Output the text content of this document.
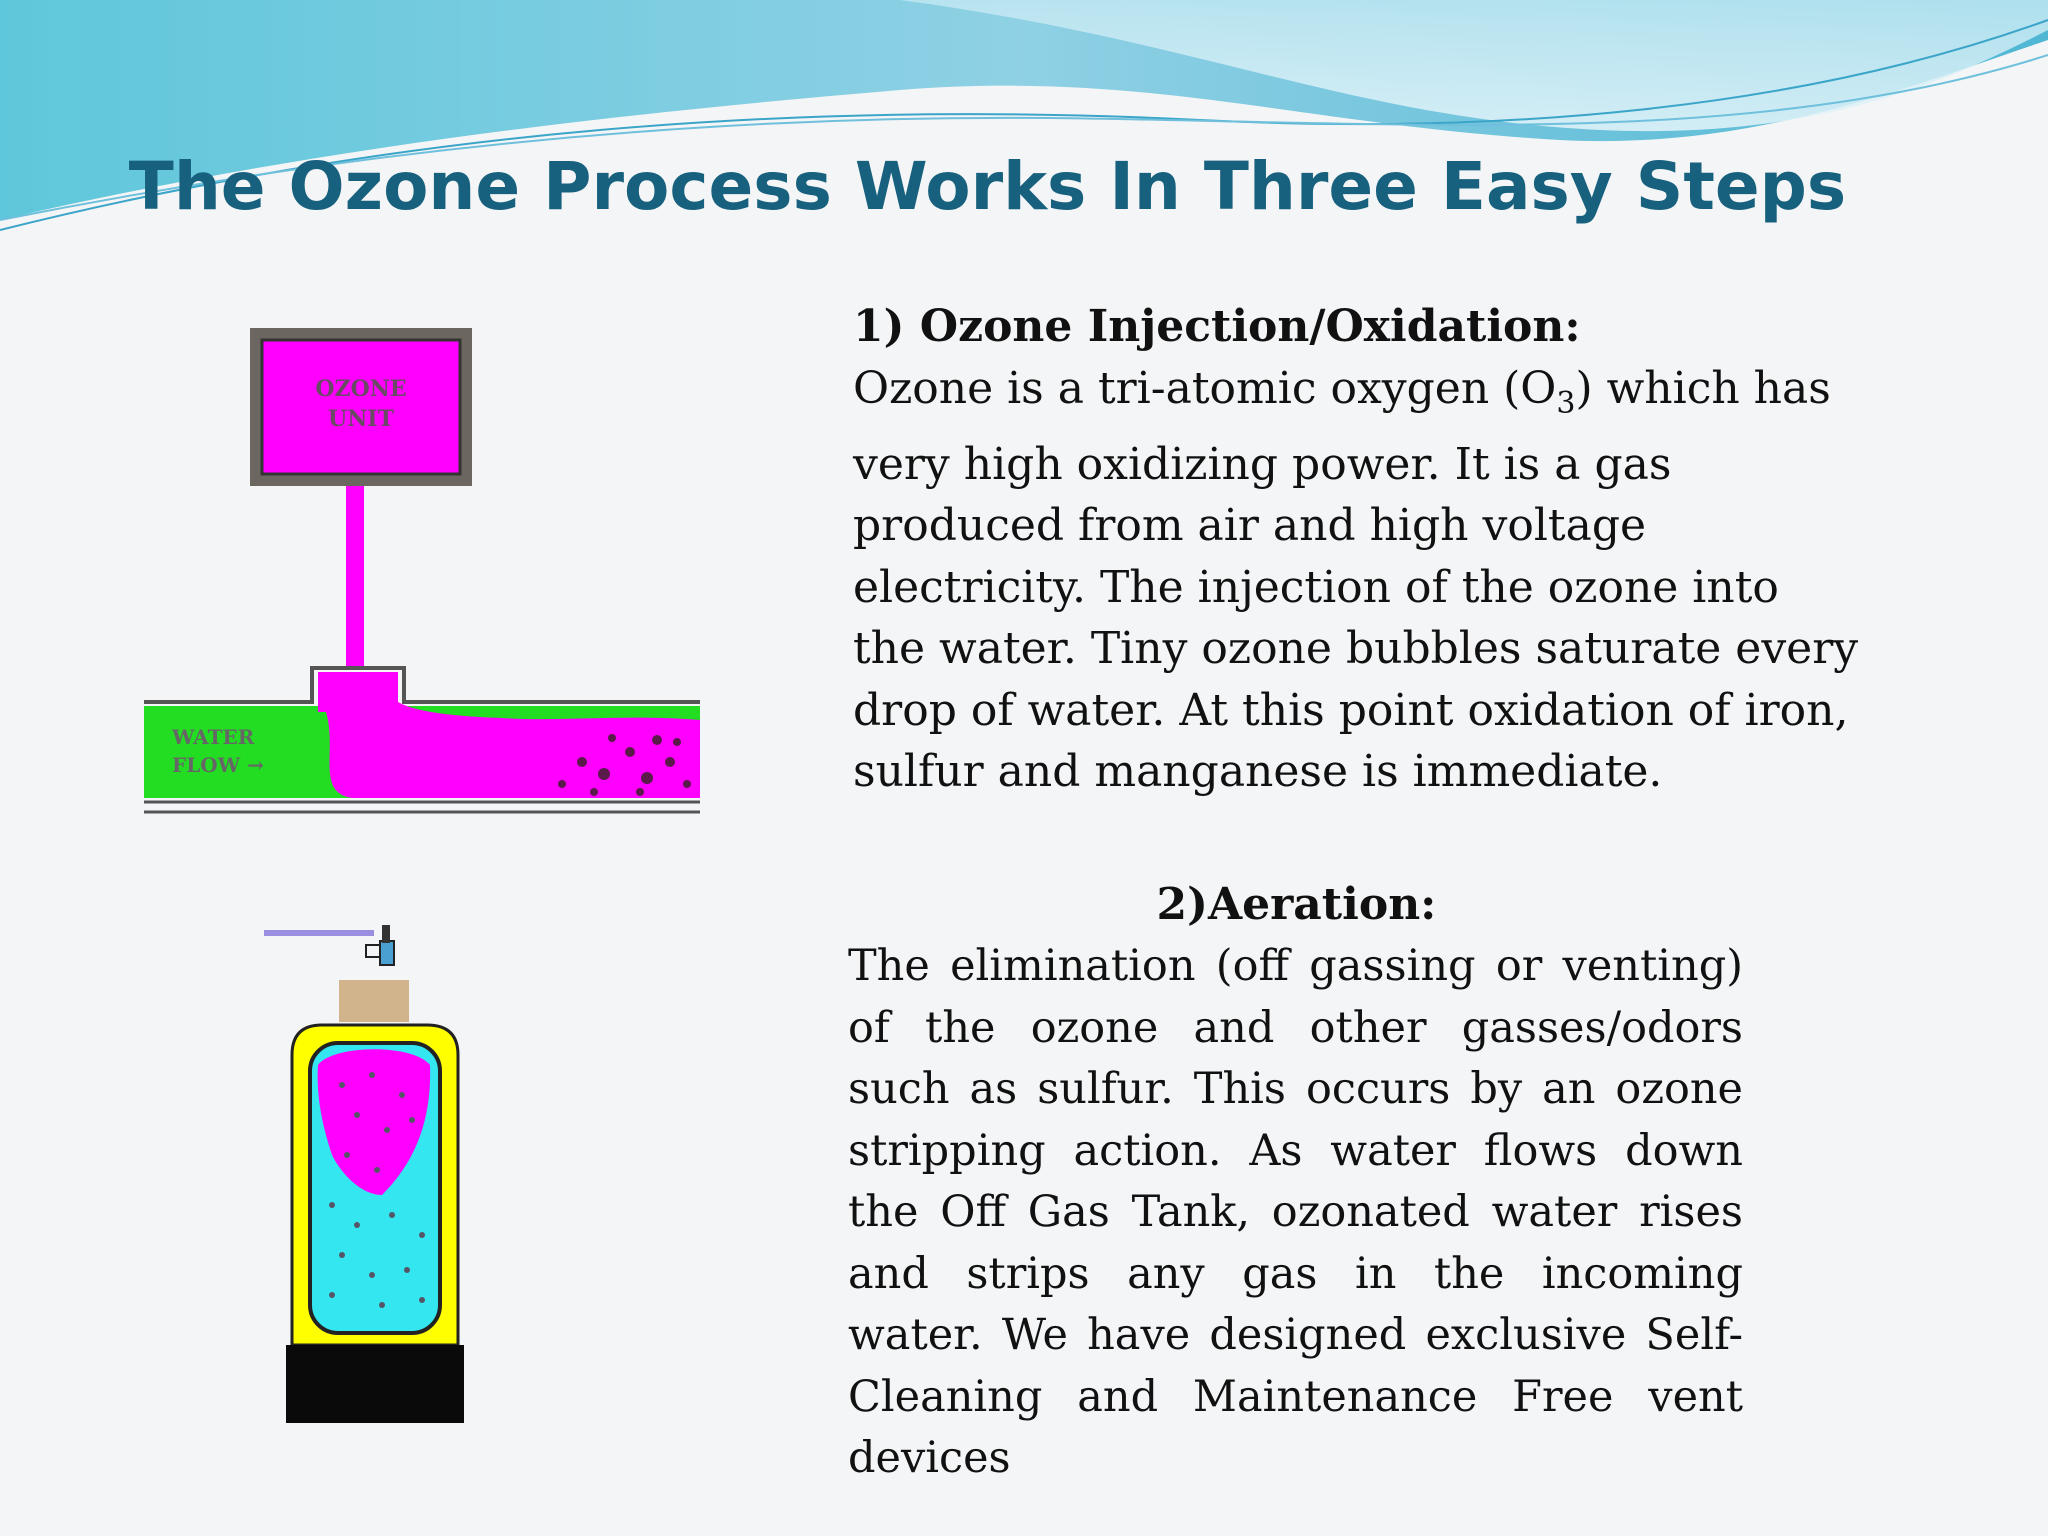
The Ozone Process Works In Three Easy Steps
1) Ozone Injection/Oxidation:
Ozone is a tri-atomic oxygen $(O_3)$ which has very high oxidizing power. It is a gas produced from air and high voltage electricity. The injection of the ozone into the water. Tiny ozone bubbles saturate every drop of water. At this point oxidation of iron, sulfur and manganese is immediate.
2)Aeration:
The elimination (off gassing or venting) of the ozone and other gasses/odors such as sulfur. This occurs by an ozone stripping action. As water flows down the Off Gas Tank, ozonated water rises and strips any gas in the incoming water. We have designed exclusive Self-Cleaning and Maintenance Free vent devices
OZONE
UNIT
WATER
FLOW →
